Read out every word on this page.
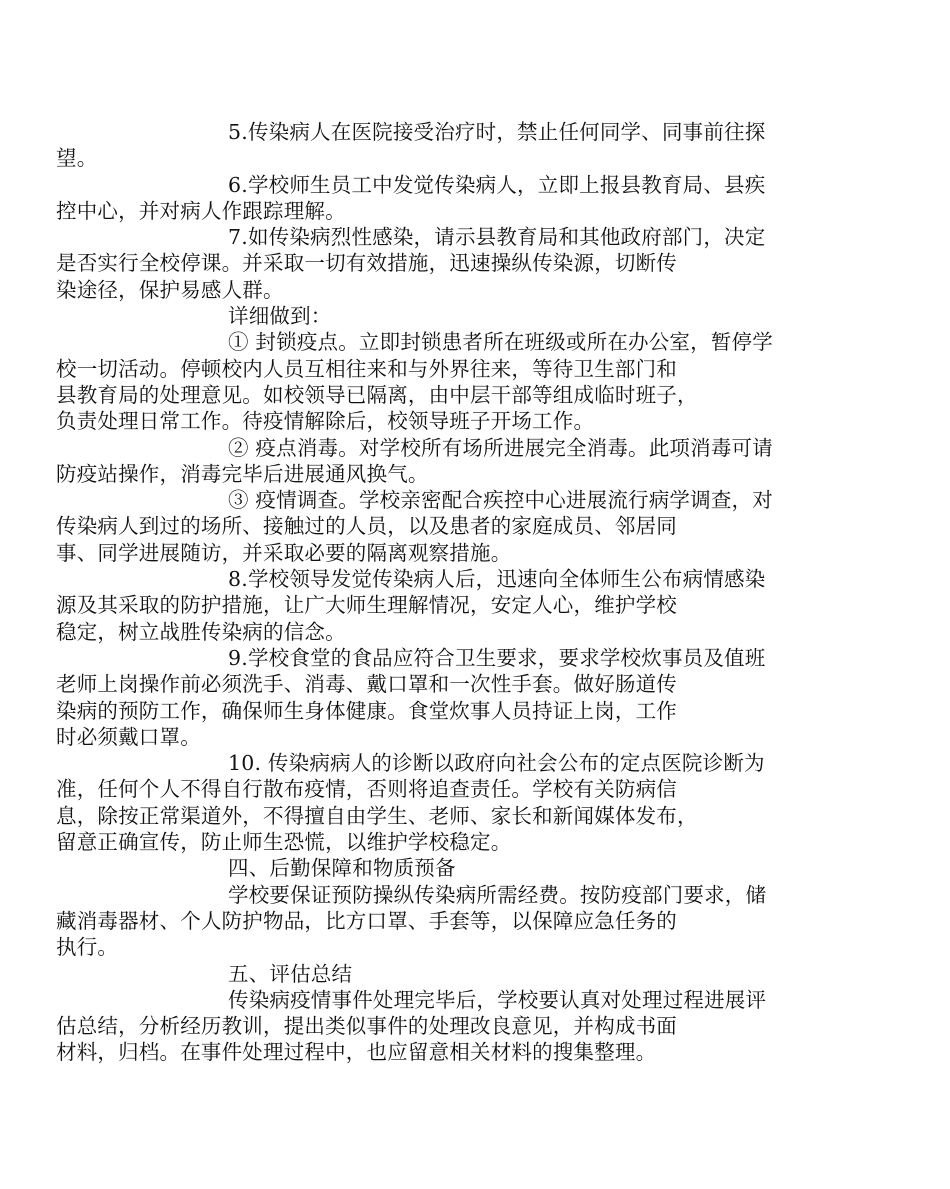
5.传染病人在医院接受治疗时，禁止任何同学、同事前往探
望。

6.学校师生员工中发觉传染病人，立即上报县教育局、县疾
控中心，并对病人作跟踪理解。

7.如传染病烈性感染，请示县教育局和其他政府部门，决定
是否实行全校停课。并采取一切有效措施，迅速操纵传染源，切断传
染途径，保护易感人群。

详细做到：

① 封锁疫点。立即封锁患者所在班级或所在办公室，暂停学
校一切活动。停顿校内人员互相往来和与外界往来，等待卫生部门和
县教育局的处理意见。如校领导已隔离，由中层干部等组成临时班子，
负责处理日常工作。待疫情解除后，校领导班子开场工作。

② 疫点消毒。对学校所有场所进展完全消毒。此项消毒可请
防疫站操作，消毒完毕后进展通风换气。

③ 疫情调查。学校亲密配合疾控中心进展流行病学调查，对
传染病人到过的场所、接触过的人员，以及患者的家庭成员、邻居同
事、同学进展随访，并采取必要的隔离观察措施。

8.学校领导发觉传染病人后，迅速向全体师生公布病情感染
源及其采取的防护措施，让广大师生理解情况，安定人心，维护学校
稳定，树立战胜传染病的信念。

9.学校食堂的食品应符合卫生要求，要求学校炊事员及值班
老师上岗操作前必须洗手、消毒、戴口罩和一次性手套。做好肠道传
染病的预防工作，确保师生身体健康。食堂炊事人员持证上岗，工作
时必须戴口罩。

10. 传染病病人的诊断以政府向社会公布的定点医院诊断为
准，任何个人不得自行散布疫情，否则将追查责任。学校有关防病信
息，除按正常渠道外，不得擅自由学生、老师、家长和新闻媒体发布，
留意正确宣传，防止师生恐慌，以维护学校稳定。

四、后勤保障和物质预备

学校要保证预防操纵传染病所需经费。按防疫部门要求，储
藏消毒器材、个人防护物品，比方口罩、手套等，以保障应急任务的
执行。

五、评估总结

传染病疫情事件处理完毕后，学校要认真对处理过程进展评
估总结，分析经历教训，提出类似事件的处理改良意见，并构成书面
材料，归档。在事件处理过程中，也应留意相关材料的搜集整理。
